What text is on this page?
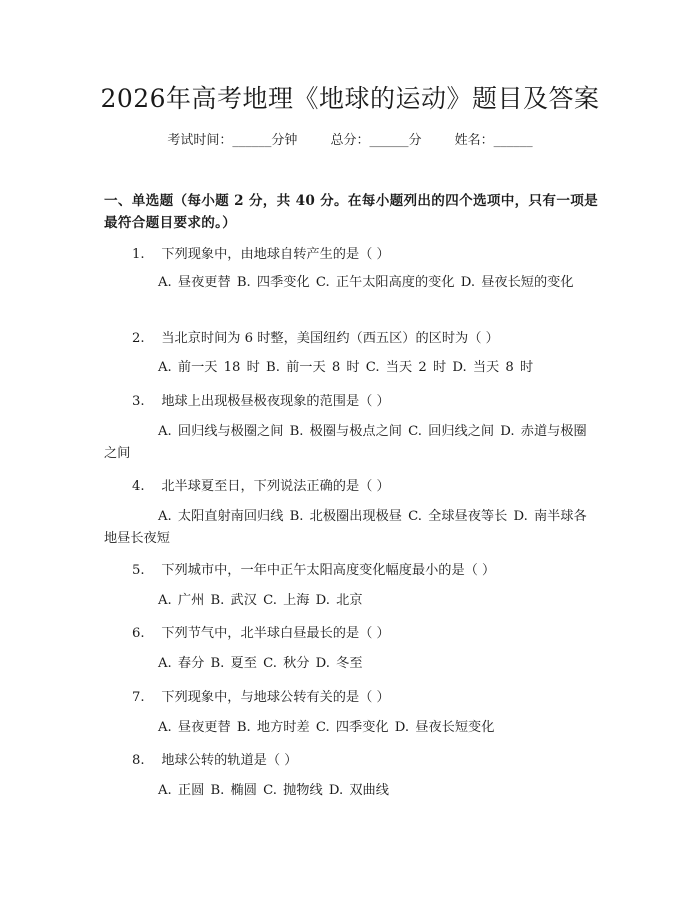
2026年高考地理《地球的运动》题目及答案
考试时间：______分钟	总分：______分	姓名：______
一、单选题（每小题 2 分，共 40 分。在每小题列出的四个选项中，只有一项是最符合题目要求的。）
1.    下列现象中，由地球自转产生的是（ ）
A. 昼夜更替 B. 四季变化 C. 正午太阳高度的变化 D. 昼夜长短的变化
2.    当北京时间为 6 时整，美国纽约（西五区）的区时为（ ）
A. 前一天 18 时 B. 前一天 8 时 C. 当天 2 时 D. 当天 8 时
3.    地球上出现极昼极夜现象的范围是（ ）
A. 回归线与极圈之间 B. 极圈与极点之间 C. 回归线之间 D. 赤道与极圈之间
4.    北半球夏至日，下列说法正确的是（ ）
A. 太阳直射南回归线 B. 北极圈出现极昼 C. 全球昼夜等长 D. 南半球各地昼长夜短
5.    下列城市中，一年中正午太阳高度变化幅度最小的是（ ）
A. 广州 B. 武汉 C. 上海 D. 北京
6.    下列节气中，北半球白昼最长的是（ ）
A. 春分 B. 夏至 C. 秋分 D. 冬至
7.    下列现象中，与地球公转有关的是（ ）
A. 昼夜更替 B. 地方时差 C. 四季变化 D. 昼夜长短变化
8.    地球公转的轨道是（ ）
A. 正圆 B. 椭圆 C. 抛物线 D. 双曲线
